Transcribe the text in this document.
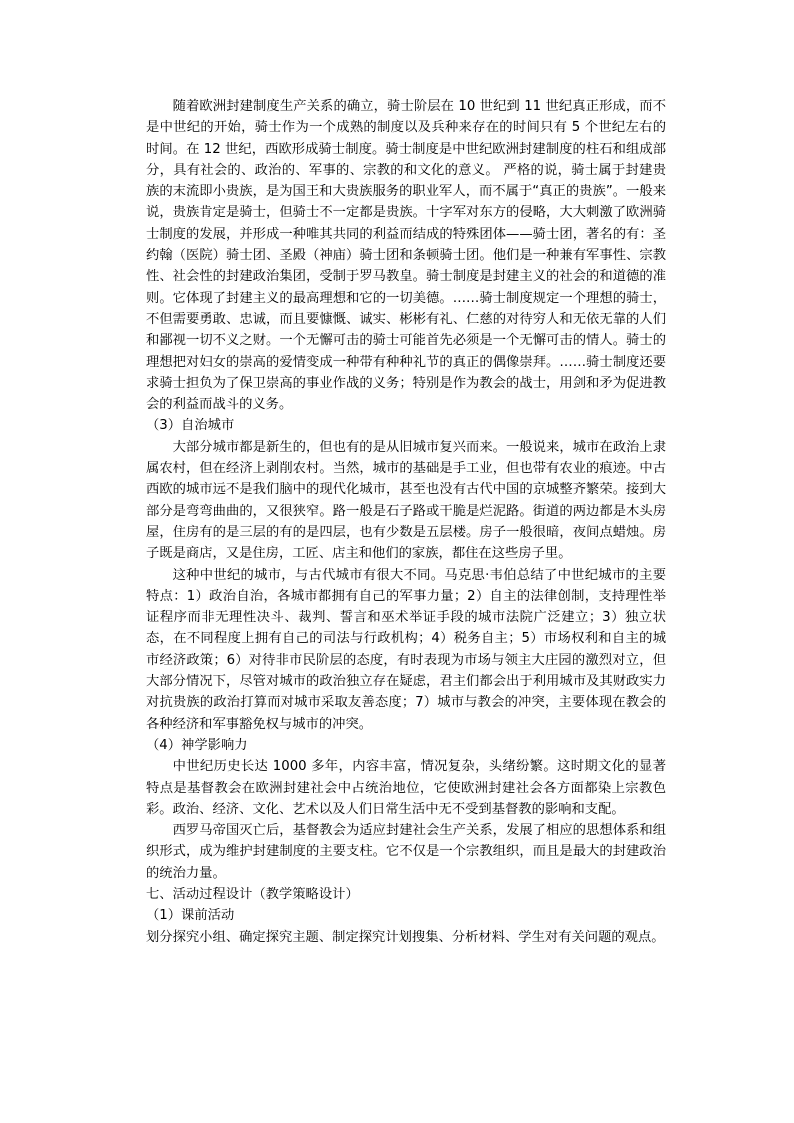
随着欧洲封建制度生产关系的确立，骑士阶层在 10 世纪到 11 世纪真正形成，而不是中世纪的开始，骑士作为一个成熟的制度以及兵种来存在的时间只有 5 个世纪左右的时间。在 12 世纪，西欧形成骑士制度。骑士制度是中世纪欧洲封建制度的柱石和组成部分，具有社会的、政治的、军事的、宗教的和文化的意义。 严格的说，骑士属于封建贵族的末流即小贵族，是为国王和大贵族服务的职业军人，而不属于“真正的贵族”。一般来说，贵族肯定是骑士，但骑士不一定都是贵族。十字军对东方的侵略，大大刺激了欧洲骑士制度的发展，并形成一种唯其共同的利益而结成的特殊团体——骑士团，著名的有：圣约翰（医院）骑士团、圣殿（神庙）骑士团和条顿骑士团。他们是一种兼有军事性、宗教性、社会性的封建政治集团，受制于罗马教皇。骑士制度是封建主义的社会的和道德的准则。它体现了封建主义的最高理想和它的一切美德。……骑士制度规定一个理想的骑士，不但需要勇敢、忠诚，而且要慷慨、诚实、彬彬有礼、仁慈的对待穷人和无依无靠的人们和鄙视一切不义之财。一个无懈可击的骑士可能首先必须是一个无懈可击的情人。骑士的理想把对妇女的崇高的爱情变成一种带有种种礼节的真正的偶像崇拜。……骑士制度还要求骑士担负为了保卫崇高的事业作战的义务；特别是作为教会的战士，用剑和矛为促进教会的利益而战斗的义务。

（3）自治城市

大部分城市都是新生的，但也有的是从旧城市复兴而来。一般说来，城市在政治上隶属农村，但在经济上剥削农村。当然，城市的基础是手工业，但也带有农业的痕迹。中古西欧的城市远不是我们脑中的现代化城市，甚至也没有古代中国的京城整齐繁荣。接到大部分是弯弯曲曲的，又很狭窄。路一般是石子路或干脆是烂泥路。街道的两边都是木头房屋，住房有的是三层的有的是四层，也有少数是五层楼。房子一般很暗，夜间点蜡烛。房子既是商店，又是住房，工匠、店主和他们的家族，都住在这些房子里。

这种中世纪的城市，与古代城市有很大不同。马克思·韦伯总结了中世纪城市的主要特点：1）政治自治，各城市都拥有自己的军事力量；2）自主的法律创制，支持理性举证程序而非无理性决斗、裁判、誓言和巫术举证手段的城市法院广泛建立；3）独立状态，在不同程度上拥有自己的司法与行政机构；4）税务自主；5）市场权利和自主的城市经济政策；6）对待非市民阶层的态度，有时表现为市场与领主大庄园的激烈对立，但大部分情况下，尽管对城市的政治独立存在疑虑，君主们都会出于利用城市及其财政实力对抗贵族的政治打算而对城市采取友善态度；7）城市与教会的冲突，主要体现在教会的各种经济和军事豁免权与城市的冲突。

（4）神学影响力

中世纪历史长达 1000 多年，内容丰富，情况复杂，头绪纷繁。这时期文化的显著特点是基督教会在欧洲封建社会中占统治地位，它使欧洲封建社会各方面都染上宗教色彩。政治、经济、文化、艺术以及人们日常生活中无不受到基督教的影响和支配。

西罗马帝国灭亡后，基督教会为适应封建社会生产关系，发展了相应的思想体系和组织形式，成为维护封建制度的主要支柱。它不仅是一个宗教组织，而且是最大的封建政治的统治力量。

七、活动过程设计（教学策略设计）

（1）课前活动

划分探究小组、确定探究主题、制定探究计划搜集、分析材料、学生对有关问题的观点。
